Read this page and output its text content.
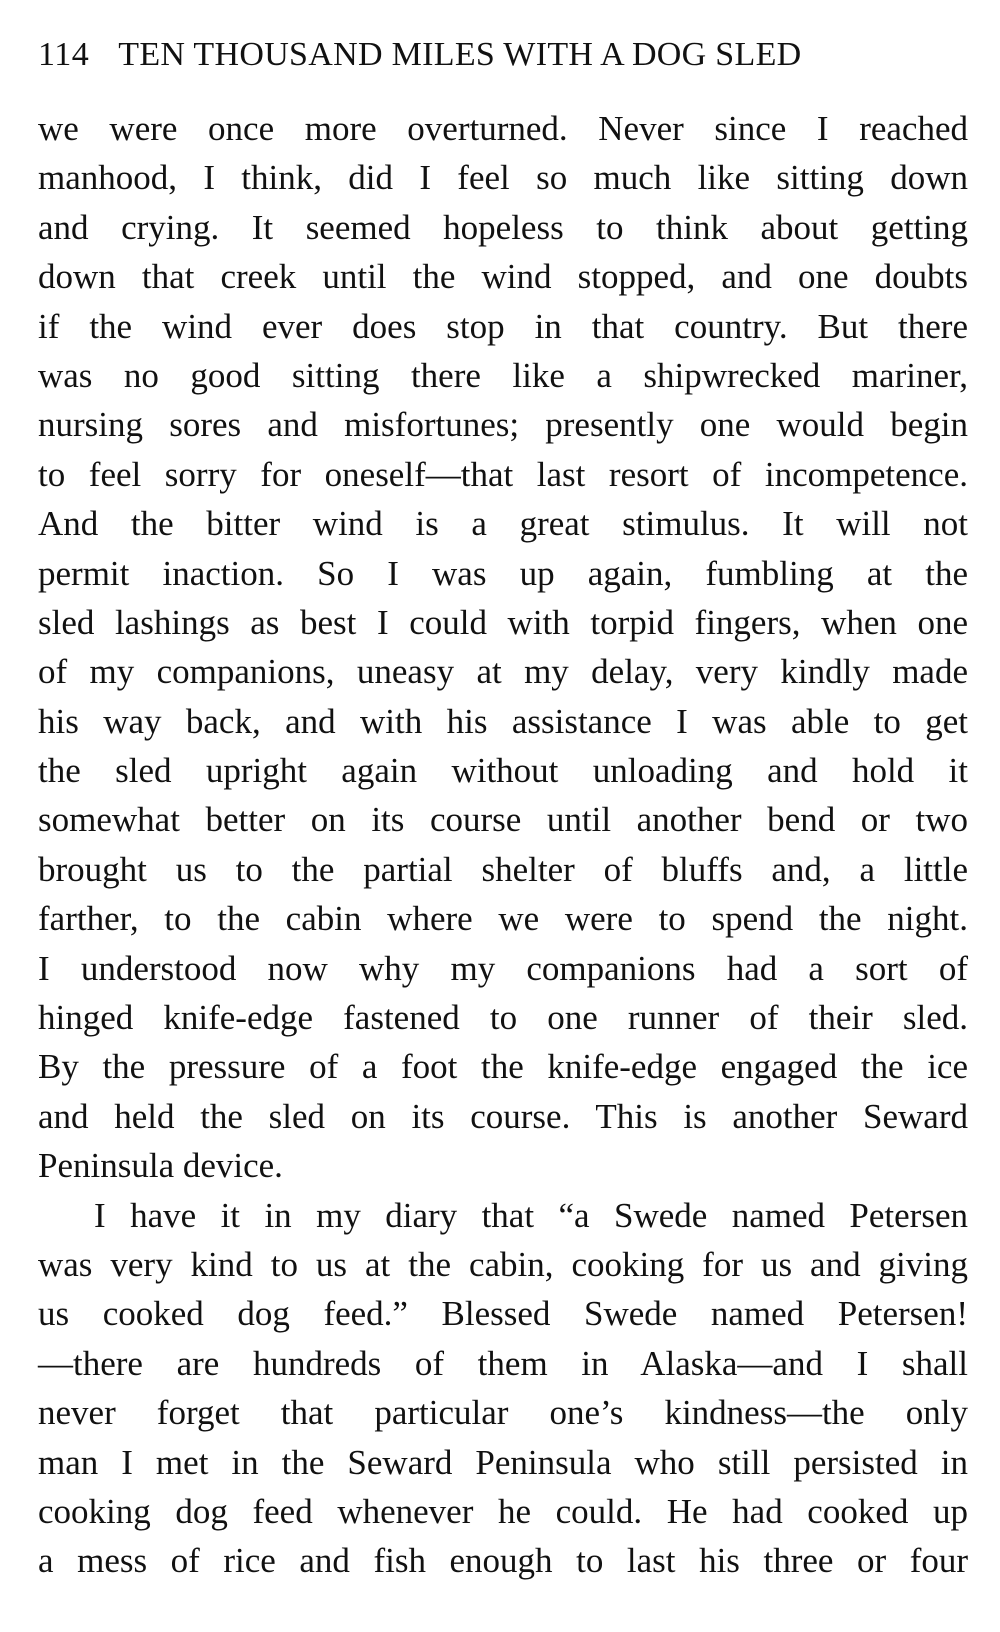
114 TEN THOUSAND MILES WITH A DOG SLED
we were once more overturned. Never since I reached
manhood, I think, did I feel so much like sitting down
and crying. It seemed hopeless to think about getting
down that creek until the wind stopped, and one doubts
if the wind ever does stop in that country. But there
was no good sitting there like a shipwrecked mariner,
nursing sores and misfortunes; presently one would begin
to feel sorry for oneself—that last resort of incompetence.
And the bitter wind is a great stimulus. It will not
permit inaction. So I was up again, fumbling at the
sled lashings as best I could with torpid fingers, when one
of my companions, uneasy at my delay, very kindly made
his way back, and with his assistance I was able to get
the sled upright again without unloading and hold it
somewhat better on its course until another bend or two
brought us to the partial shelter of bluffs and, a little
farther, to the cabin where we were to spend the night.
I understood now why my companions had a sort of
hinged knife-edge fastened to one runner of their sled.
By the pressure of a foot the knife-edge engaged the ice
and held the sled on its course. This is another Seward
Peninsula device.
I have it in my diary that “a Swede named Petersen
was very kind to us at the cabin, cooking for us and giving
us cooked dog feed.” Blessed Swede named Petersen!
—there are hundreds of them in Alaska—and I shall
never forget that particular one’s kindness—the only
man I met in the Seward Peninsula who still persisted in
cooking dog feed whenever he could. He had cooked up
a mess of rice and fish enough to last his three or four
